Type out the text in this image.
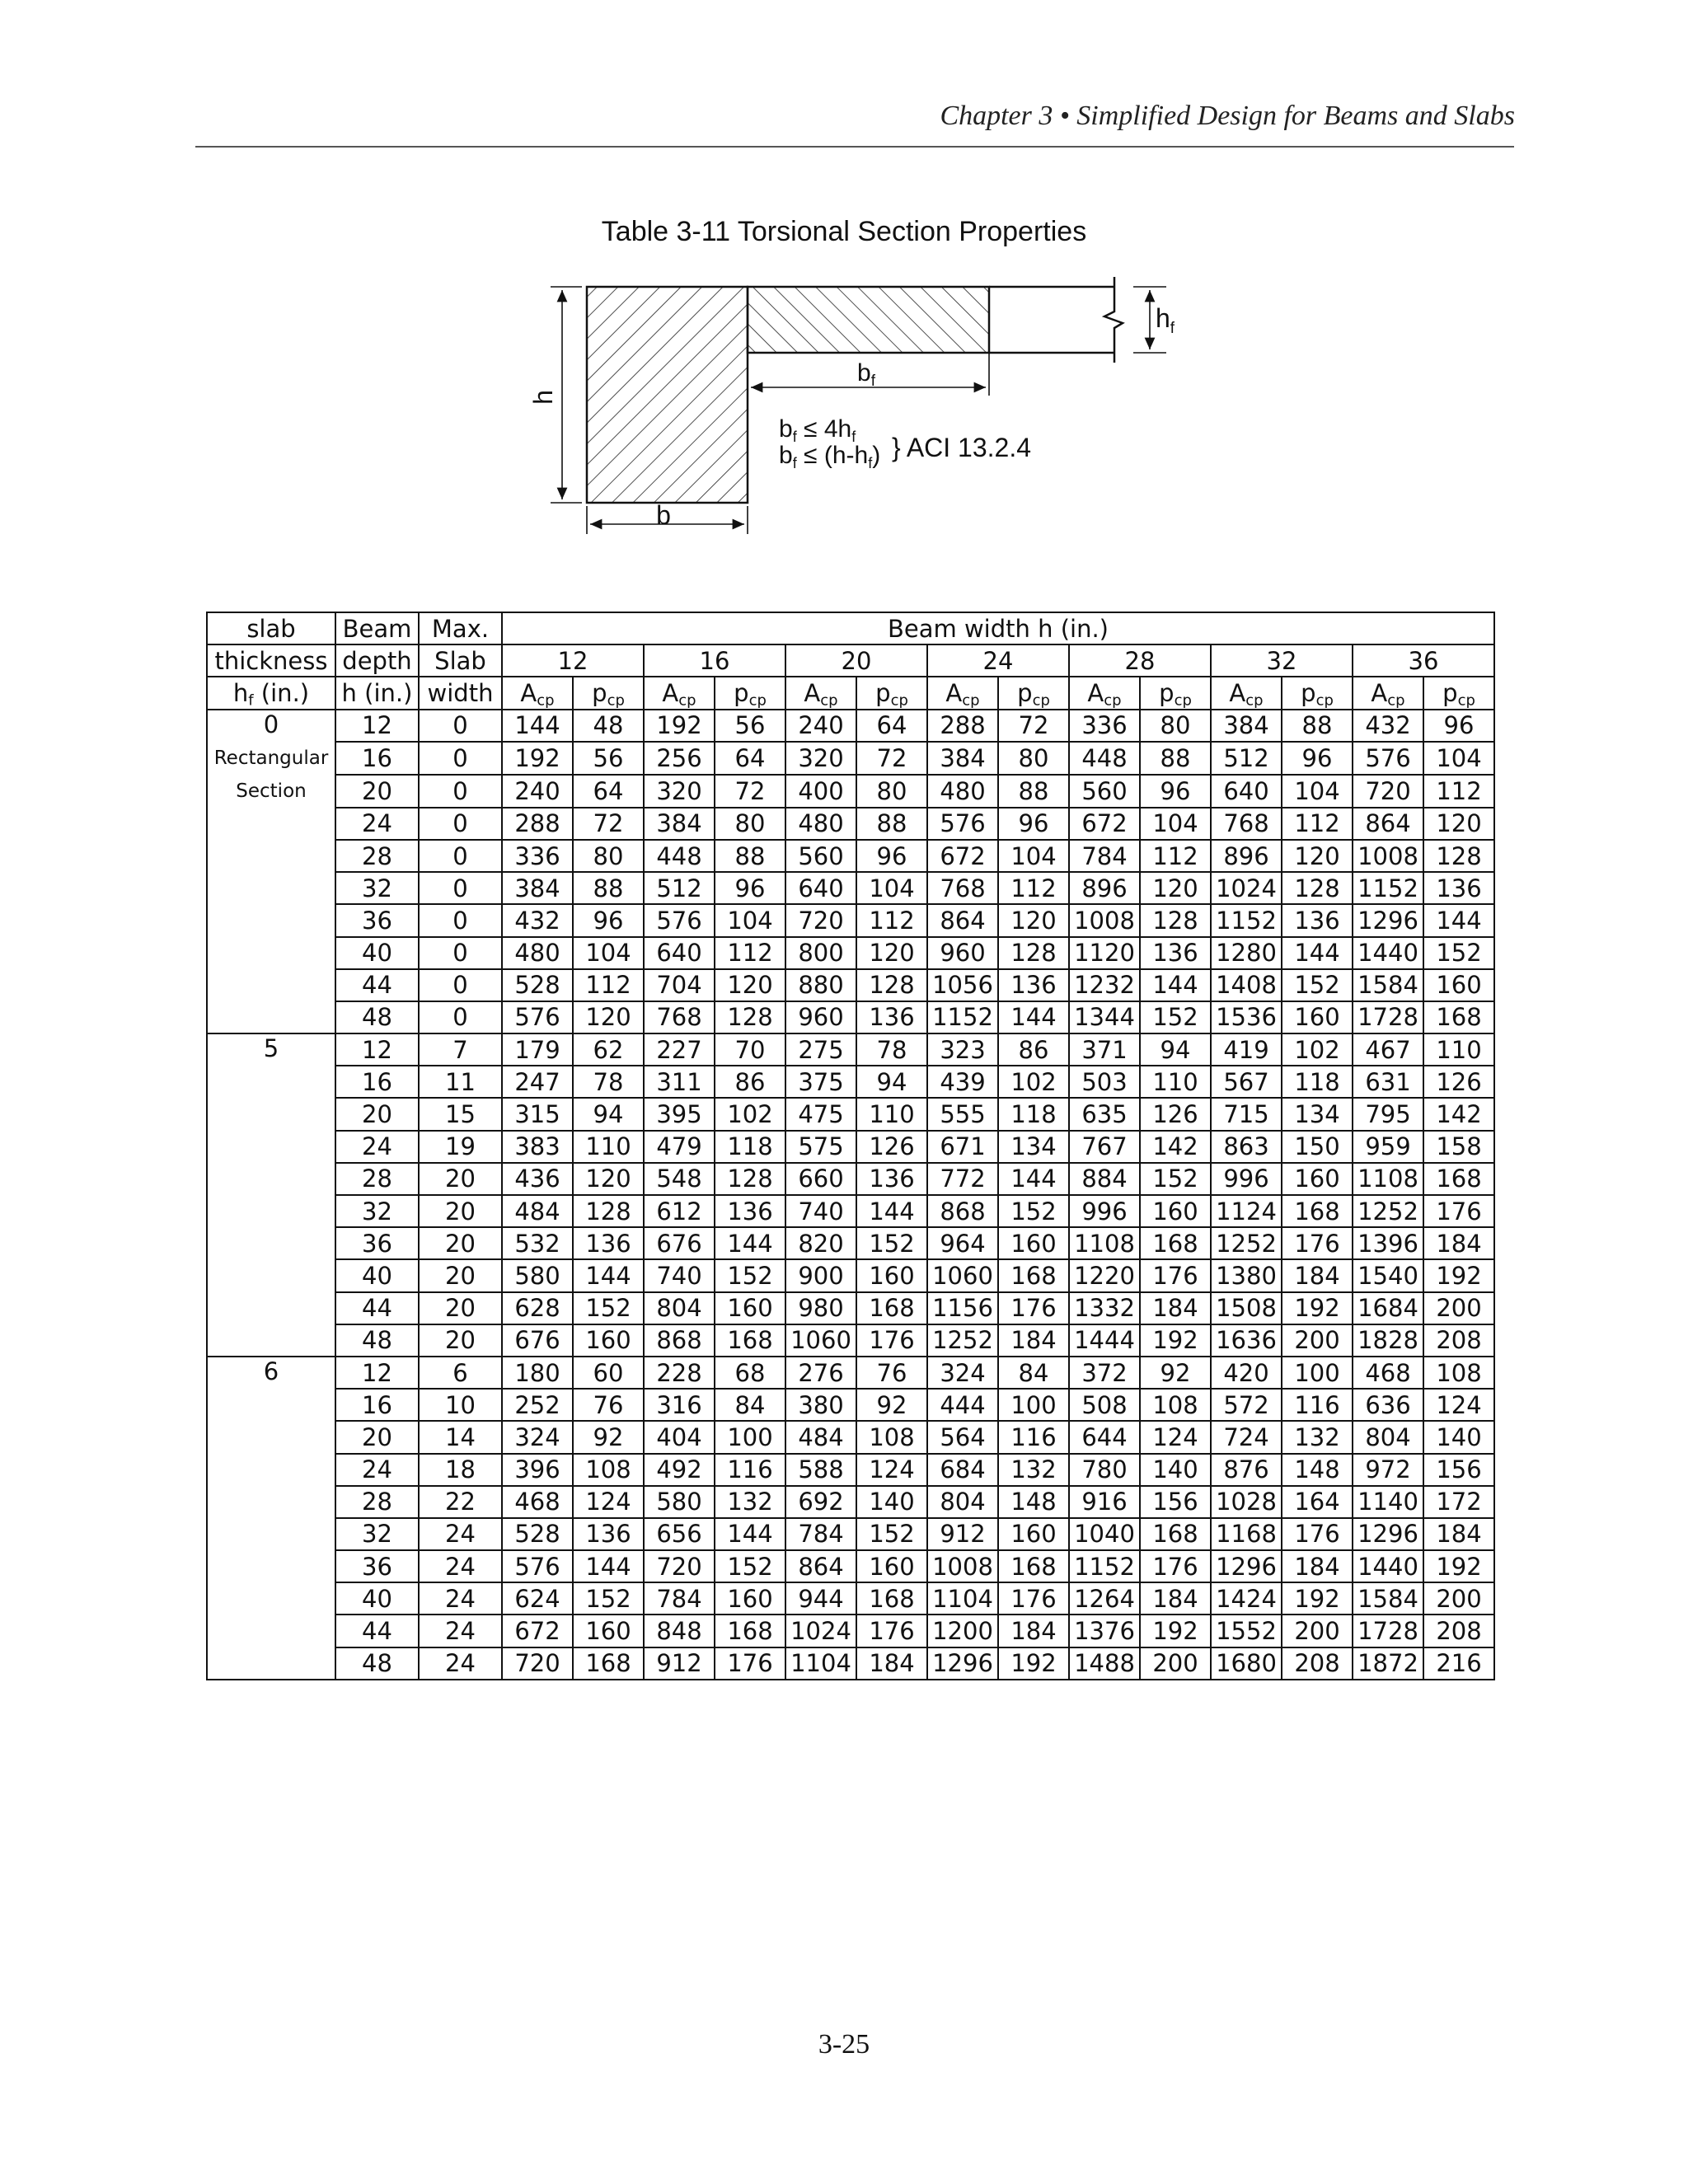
Chapter 3 • Simplified Design for Beams and Slabs
Table 3-11 Torsional Section Properties
$h_f$
$b_f$
h
b
$b_f \le 4h_f$
$b_f \le (h-h_f)$ } ACI 13.2.4
slab	Beam	Max.	Beam width h (in.)													
thickness	depth	Slab	12		16		20		24		28		32		36	
$h_f$ (in.)	h (in.)	width	$A_{cp}$	$p_{cp}$	$A_{cp}$	$p_{cp}$	$A_{cp}$	$p_{cp}$	$A_{cp}$	$p_{cp}$	$A_{cp}$	$p_{cp}$	$A_{cp}$	$p_{cp}$	$A_{cp}$	$p_{cp}$

0	12	0	144	48	192	56	240	64	288	72	336	80	384	88	432	96

Rectangular	16	0	192	56	256	64	320	72	384	80	448	88	512	96	576	104

Section	20	0	240	64	320	72	400	80	480	88	560	96	640	104	720	112
	24	0	288	72	384	80	480	88	576	96	672	104	768	112	864	120
	28	0	336	80	448	88	560	96	672	104	784	112	896	120	1008	128
	32	0	384	88	512	96	640	104	768	112	896	120	1024	128	1152	136
	36	0	432	96	576	104	720	112	864	120	1008	128	1152	136	1296	144
	40	0	480	104	640	112	800	120	960	128	1120	136	1280	144	1440	152
	44	0	528	112	704	120	880	128	1056	136	1232	144	1408	152	1584	160
	48	0	576	120	768	128	960	136	1152	144	1344	152	1536	160	1728	168

5	12	7	179	62	227	70	275	78	323	86	371	94	419	102	467	110
	16	11	247	78	311	86	375	94	439	102	503	110	567	118	631	126
	20	15	315	94	395	102	475	110	555	118	635	126	715	134	795	142
	24	19	383	110	479	118	575	126	671	134	767	142	863	150	959	158
	28	20	436	120	548	128	660	136	772	144	884	152	996	160	1108	168
	32	20	484	128	612	136	740	144	868	152	996	160	1124	168	1252	176
	36	20	532	136	676	144	820	152	964	160	1108	168	1252	176	1396	184
	40	20	580	144	740	152	900	160	1060	168	1220	176	1380	184	1540	192
	44	20	628	152	804	160	980	168	1156	176	1332	184	1508	192	1684	200
	48	20	676	160	868	168	1060	176	1252	184	1444	192	1636	200	1828	208

6	12	6	180	60	228	68	276	76	324	84	372	92	420	100	468	108
	16	10	252	76	316	84	380	92	444	100	508	108	572	116	636	124
	20	14	324	92	404	100	484	108	564	116	644	124	724	132	804	140
	24	18	396	108	492	116	588	124	684	132	780	140	876	148	972	156
	28	22	468	124	580	132	692	140	804	148	916	156	1028	164	1140	172
	32	24	528	136	656	144	784	152	912	160	1040	168	1168	176	1296	184
	36	24	576	144	720	152	864	160	1008	168	1152	176	1296	184	1440	192
	40	24	624	152	784	160	944	168	1104	176	1264	184	1424	192	1584	200
	44	24	672	160	848	168	1024	176	1200	184	1376	192	1552	200	1728	208
	48	24	720	168	912	176	1104	184	1296	192	1488	200	1680	208	1872	216
3-25
